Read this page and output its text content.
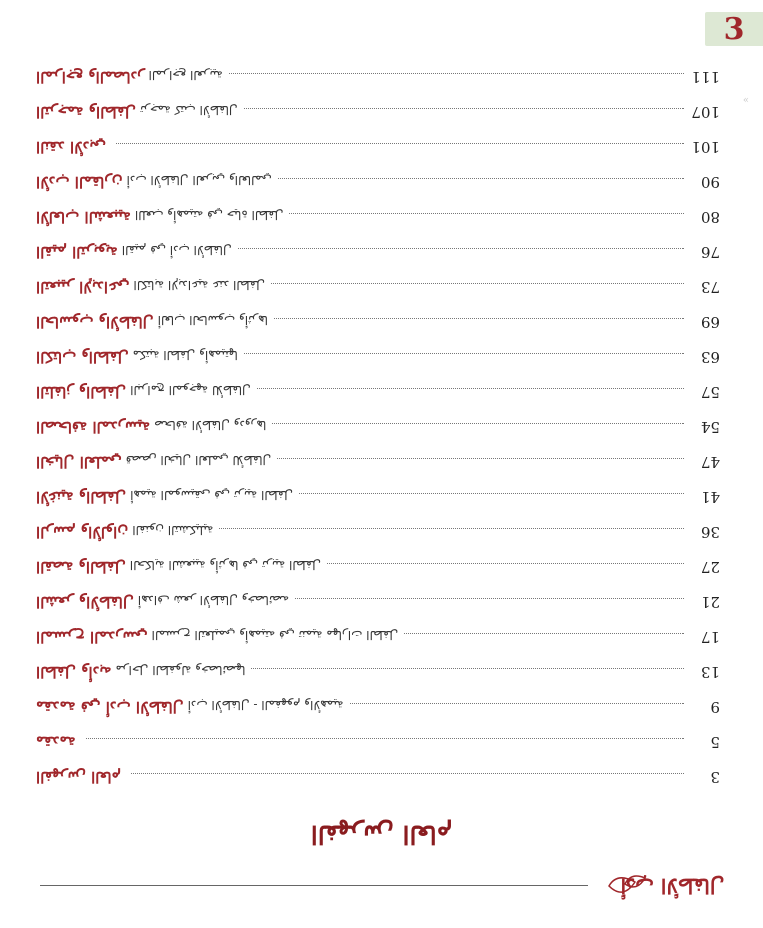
3
«
الفهرس العام	3
مقدمة	5
مقدمة في أدب الأطفال أدب الأطفال - المفهوم والأهمية	9
الطفل وأدبه مراحل الطفولة وخصائصها	13
المسرح المدرسي المسرح التعليمي وأهميته في تنمية مهارات الطفل	17
الشعر والأطفال أهداف شعر الأطفال وخصائصه	21
القصة والطفل الحكاية الشعبية وأثرها في تربية الطفل	27
الرسم والألوان الفنون التشكيلية	36
الأغنية والطفل أهمية الموسيقى في تربية الطفل	41
الخيال العلمي قصص الخيال العلمي للأطفال	47
الصحافة المدرسية صحافة الأطفال ودورها	54
التلفاز والطفل البرامج الموجهة للأطفال	57
الكتاب والطفل مكتبة الطفل وأهميتها	63
الحاسوب والأطفال ألعاب الحاسوب وأثرها	69
التعبير الإبداعي الكتابة الإبداعية عند الطفل	73
القيم التربوية القيم في أدب الأطفال	76
الألعاب الشعبية اللعب وأهميته في حياة الطفل	80
الأدب المقارن أدب الأطفال العربي والعالمي	90
النقد الأدبي	101
الترجمة والطفل ترجمة كتب الأطفال	107
المراجع والمصادر المراجع العربية	111
الفهرس العام
أدب الأطفال
